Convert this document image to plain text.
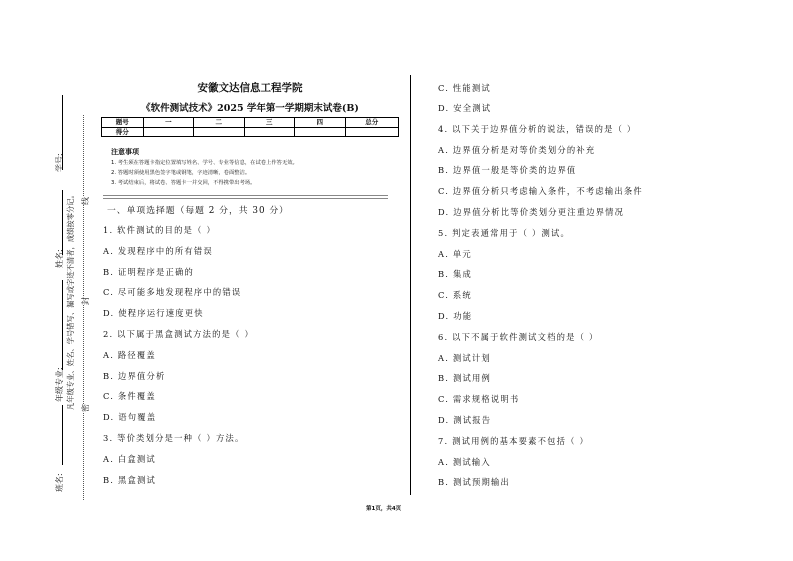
学号:
姓名:
年级专业:
班名:
凡年级专业、姓名、学号错写、漏写或字迹不清者，成绩按零分记。 密
封
线
安徽文达信息工程学院
《软件测试技术》2025 学年第一学期期末试卷(B)
题号	一	二	三	四	总分
得分					
注意事项
1. 考生须在答题卡指定位置填写姓名、学号、专业等信息，在试卷上作答无效。
2. 答题时须使用黑色签字笔或钢笔，字迹清晰，卷面整洁。
3. 考试结束后，将试卷、答题卡一并交回，不得携带出考场。
一、单项选择题（每题 2 分，共 30 分）
1. 软件测试的目的是（ ）
A. 发现程序中的所有错误
B. 证明程序是正确的
C. 尽可能多地发现程序中的错误
D. 使程序运行速度更快
2. 以下属于黑盒测试方法的是（ ）
A. 路径覆盖
B. 边界值分析
C. 条件覆盖
D. 语句覆盖
3. 等价类划分是一种（ ）方法。
A. 白盒测试
B. 黑盒测试
C. 性能测试
D. 安全测试
4. 以下关于边界值分析的说法，错误的是（ ）
A. 边界值分析是对等价类划分的补充
B. 边界值一般是等价类的边界值
C. 边界值分析只考虑输入条件，不考虑输出条件
D. 边界值分析比等价类划分更注重边界情况
5. 判定表通常用于（ ）测试。
A. 单元
B. 集成
C. 系统
D. 功能
6. 以下不属于软件测试文档的是（ ）
A. 测试计划
B. 测试用例
C. 需求规格说明书
D. 测试报告
7. 测试用例的基本要素不包括（ ）
A. 测试输入
B. 测试预期输出
第1页，共4页
